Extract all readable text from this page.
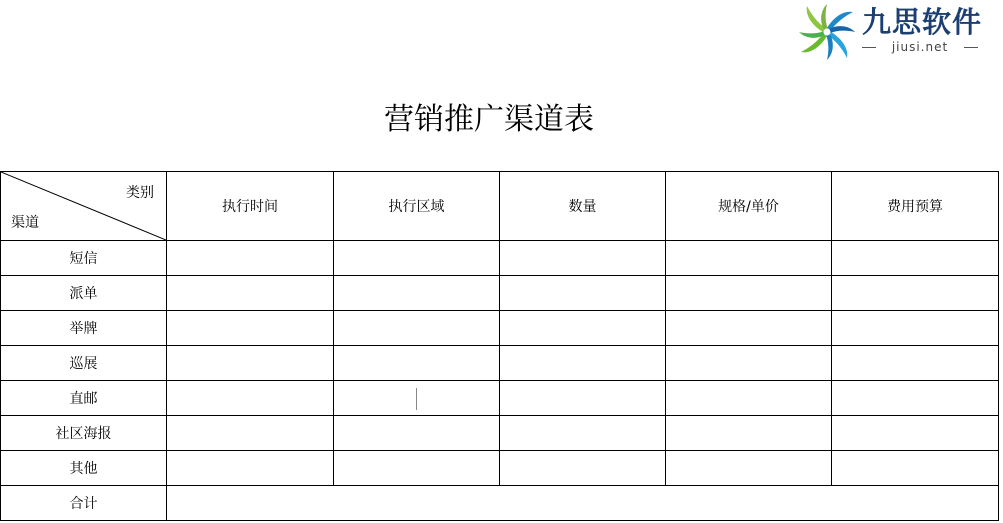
九思软件
jiusi.net
营销推广渠道表
类别
渠道	执行时间	执行区域	数量	规格/单价	费用预算
短信					
派单					
举牌					
巡展					
直邮					
社区海报					
其他					
合计					
